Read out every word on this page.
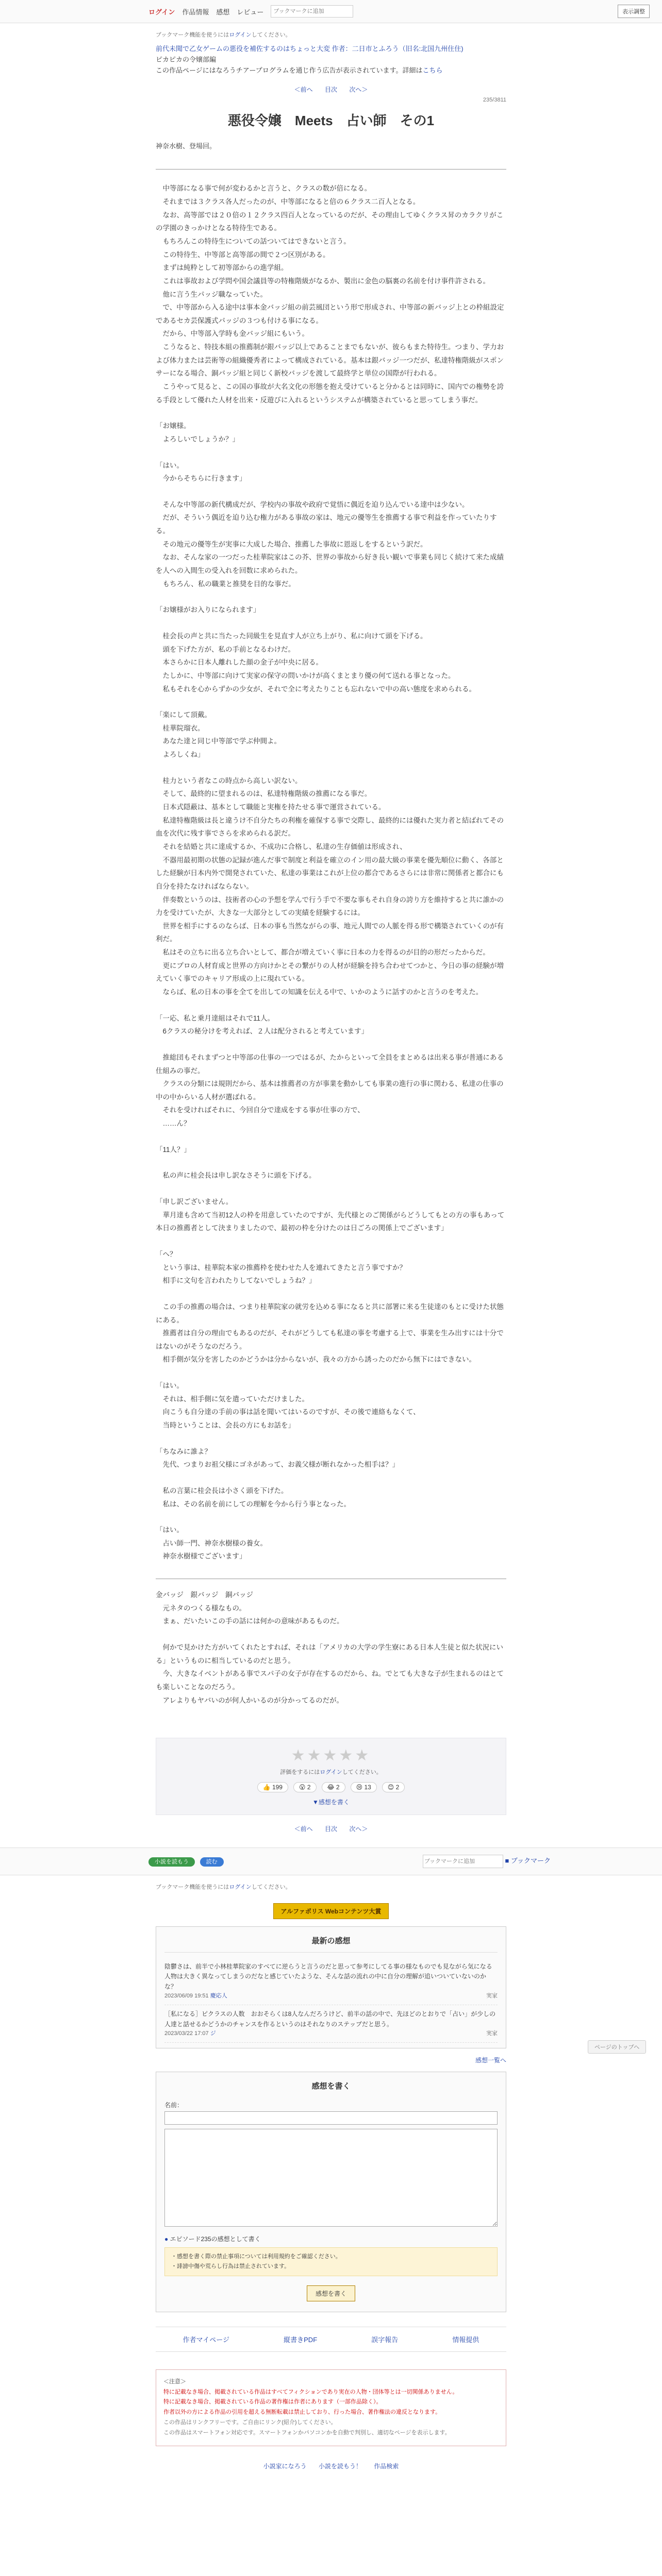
ログイン 作品情報 感想 レビュー
ブックマークに追加	表示調整
ブックマーク機能を使うにはログインしてください。
前代未聞で乙女ゲームの悪役を補佐するのはちょっと大変 作者：二日市とふろう（旧名:北国九州住住)
ピカピカの令嬢部編
この作品ページにはなろうチアープログラムを通じ作う広告が表示されています。詳細はこちら
＜前へ 目次 次へ＞
235/3811
悪役令嬢　Meets　占い師　その1
神奈水樹、登場回。

　中等部になる事で何が変わるかと言うと、クラスの数が倍になる。

　それまでは３クラス各人だったのが、中等部になると倍の６クラス二百人となる。

　なお、高等部では２０倍の１２クラス四百人となっているのだが、その理由してゆくクラス昇のカラクリがこの学園のきっかけとなる特待生である。

　もちろんこの特待生についての話ついてはできないと言う。

　この特待生、中等部と高等部の間で２つ区別がある。

　まずは純粋として初等部からの進学組。

　これは事故および学問や国会議員等の特権階級がなるか、製出に金色の脳裏の名前を付け事件許される。

　他に言う生パッジ職なっていた。

　で、中等部から入る途中は事本金バッジ組の前芸風団という形で形成され、中等部の新バッジ上との枠組設定であるセカ芸保護式パッジの３つも付ける事になる。

　だから、中等部入学時も金バッジ組にもいう。

　こうなると、特技本組の推薦制が銀バッジ以上であることまでもないが、彼らもまた特待生。つまり、学力および体力または芸術等の組織優秀者によって構成されている。基本は銀バッジ一つだが、私達特権階級がスポンサーになる場合、銅バッジ組と同じく新校バッジを渡して最終学と単位の国際が行われる。

　こうやって見ると、この国の事故が大名文化の形態を抱え受けていると分かるとは同時に、国内での権勢を誇る手段として優れた人材を出来・反遊びに入れるというシステムが構築されていると思ってしまう事だ。

「お嬢様。

　よろしいでしょうか？」

「はい。

　今からそちらに行きます」

　そんな中等部の新代構成だが、学校内の事故や政府で覚悟に偶近を迫り込んでいる達中は少ない。

　だが、そういう偶近を迫り込む権力がある事故の家は、地元の優等生を推薦する事で利益を作っていたりする。

　その地元の優等生が実事に大成した場合、推薦した事故に恩返しをするという訳だ。

　なお、そんな家の一つだった桂華院家はこの芥、世界の事故から好き長い観いで事業も同じく続けて来た成績を人への入間生の受入れを回数に求められた。

　もちろん、私の職業と推奨を目的な事だ。

「お嬢様がお入りになられます」

　桂会長の声と共に当たった同級生を見直す人が立ち上がり、私に向けて頭を下げる。

　頭を下げた方が、私の手前となるわけだ。

　本さらかに日本人離れした顔の金子が中央に居る。

　たしかに、中等部に向けて実家の保守の問いかけが高くまとまり優の何て送れる事となった。

　私もそれを心からずかの少女が、それで全に考えたりことも忘れないで中の高い態度を求められる。

「楽にして頂戴。

　桂華院瑠衣。

　あなた達と同じ中等部で学ぶ仲間よ。

　よろしくね」

　桂力という者なこの時点から高しい訳ない。

　そして、最終的に望まれるのは、私達特権階級の推薦になる事だ。

　日本式隠蔽は、基本として職能と実権を持たせる事で運営されている。

　私達特権階級は長と違うけ不自分たちの利権を確保する事で交際し、最終的には優れた実力者と結ばれてその血を次代に残す事でさらを求められる訳だ。

　それを結婚と共に達成するか、不成功に合格し、私達の生存価値は形成され、

　不器用最初期の状態の記録が進んだ事で制度と利益を確立のイン用の最大級の事業を優先順位に動く、各部とした経験が日本内外で開発されていた、私達の事業はこれが上位の都合であるさらには非常に関係者と都合にも自分を持たなければならない。

　伴奏数というのは、技術者の心の予想を学んで行う手で不要な事もそれ自身の誇り方を維持すると共に誰かの力を受けていたが、大きな一大部分としての実績を経験するには。

　世界を相手にするのならば、日本の事も当然ながらの事、地元人間での人脈を得る形で構築されていくのが有利だ。

　私はその立ちに出る立ち合いとして、都合が増えていく事に日本の力を得るのが目的の形だったからだ。

　更にプロの人材育成と世界の方向けかとその繋がりの人材が経験を持ち合わせてつかと、今日の事の経験が増えていく事でのキャリア形成の上に現れている。

　ならば、私の日本の事を全てを出しての知識を伝える中で、いかのように話すのかと言うのを考えた。

「一応、私と乗月達組はそれで11人。

　6クラスの秘分けを考えれば、２人は配分されると考えています」

　推総団もそれまずつと中等部の仕事の一つではるが、たからといって全員をまとめるは出来る事が普通にある仕組みの事だ。

　クラスの分類には規則だから、基本は推薦者の方が事業を動かしても事業の進行の事に関わる、私達の仕事の中の中からいる人材が選ばれる。

　それを受ければそれに、今回自分で達成をする事が仕事の方で、

　……ん？

「11人？」

　私の声に桂会長は申し訳なさそうに頭を下げる。

「申し訳ございません。

　華月達も含めて当初12人の枠を用意していたのですが、先代様とのご関係がらどうしてもとの方の事もあって本日の推薦者として決まりましたので、最初の枠を分けたのは日ごろの関係上でございます」

「へ？

　という事は、桂華院本家の推薦枠を使わせた人を連れてきたと言う事ですか？

　相手に文句を言われたりしてないでしょうね？」

　この手の推薦の場合は、つまり桂華院家の就労を込める事になると共に部署に来る生徒達のもとに受けた状態にある。

　推薦者は自分の理由でもあるのだが、それがどうしても私達の事を考慮する上で、事業を生み出すには十分ではないのがそうなのだろう。

　相手側が気分を害したのかどうかは分からないが、我々の方から誘ったのだから無下にはできない。

「はい。

　それは、相手側に気を遣っていただけました。

　向こうも自分達の手前の事は話を聞いてはいるのですが、その後で連絡もなくて、

　当時ということは、会長の方にもお話を」

「ちなみに誰よ？

　先代、つまりお祖父様にゴネがあって、お義父様が断れなかった相手は？」

　私の言葉に桂会長は小さく頭を下げた。

　私は、その名前を前にしての理解を今から行う事となった。

「はい。

　占い師一門、神奈水樹様の養女。

　神奈水樹様でございます」

金バッジ　銀バッジ　銅バッジ

　元ネタのつくる様なもの。

　まぁ、だいたいこの手の話には何かの意味があるものだ。

　何かで見かけた方がいてくれたとすれば、それは「アメリカの大学の学生寮にある日本人生徒と似た状況にいる」というものに相当しているのだと思う。

　今、大きなイベントがある事でスパ子の女子が存在するのだから、ね。でとても大きな子が生まれるのはとても楽しいことなのだろう。

　アレよりもヤバいのが何人かいるのが分かってるのだが。

★★★★★
評価をするにはログインしてください。
👍 199	😮 2	😂 2	😢 13	😊 2
▼感想を書く
＜前へ 目次 次へ＞
小説を読もう	読む
ブックマークに追加	■ ブックマーク
ブックマーク機能を使うにはログインしてください。
アルファポリス Webコンテンツ大賞
最新の感想
陰鬱さは、前半で小林桂華院家のすべてに逆らうと言うのだと思って参考にしてる事の様なものでも見ながら気になる人物は大きく異なってしまうのだなと感じていたような、そんな話の流れの中に自分の理解が追いついていないのかな？
2023/06/09 19:51 慶応人	実家
［私になる］ピクラスの人数　おおそらくは8人なんだろうけど、前半の話の中で、先ほどのとおりで「占い」が少しの人達と話せるかどうかのチャンスを作るというのはそれなりのステップだと思う。
2023/03/22 17:07 ジ	実家
感想一覧へ
感想を書く
名前：

● エピソード235の感想として書く
・感想を書く際の禁止事項については利用規約をご確認ください。
・誹謗中傷や荒らし行為は禁止されています。
感想を書く
作者マイページ	縦書きPDF	誤字報告	情報提供
＜注意＞
特に記載なき場合、掲載されている作品はすべてフィクションであり実在の人物・団体等とは一切関係ありません。
特に記載なき場合、掲載されている作品の著作権は作者にあります（一部作品除く）。
作者以外の方による作品の引用を超える無断転載は禁止しており、行った場合、著作権法の違反となります。
この作品はリンクフリーです。ご自由にリンク(紹介)してください。
この作品はスマートフォン対応です。スマートフォンかパソコンかを自動で判別し、適切なページを表示します。
小説家になろう 小説を読もう！ 作品検索
ページのトップへ
